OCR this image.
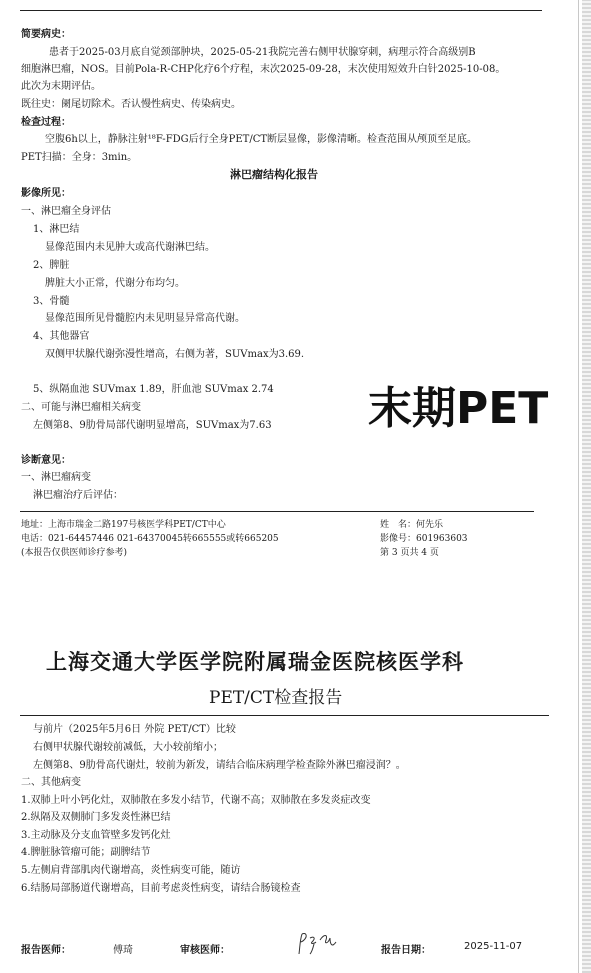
简要病史：
患者于2025-03月底自觉颈部肿块，2025-05-21我院完善右侧甲状腺穿刺，病理示符合高级别B
细胞淋巴瘤，NOS。目前Pola-R-CHP化疗6个疗程，末次2025-09-28，末次使用短效升白针2025-10-08。
此次为末期评估。
既往史：阑尾切除术。否认慢性病史、传染病史。
检查过程：
空腹6h以上，静脉注射¹⁸F-FDG后行全身PET/CT断层显像，影像清晰。检查范围从颅顶至足底。
PET扫描：全身：3min。
淋巴瘤结构化报告
影像所见：
一、淋巴瘤全身评估
1、淋巴结
显像范围内未见肿大或高代谢淋巴结。
2、脾脏
脾脏大小正常，代谢分布均匀。
3、骨髓
显像范围所见骨髓腔内未见明显异常高代谢。
4、其他器官
双侧甲状腺代谢弥漫性增高，右侧为著，SUVmax为3.69.
5、纵隔血池 SUVmax 1.89，肝血池 SUVmax 2.74
二、可能与淋巴瘤相关病变
左侧第8、9肋骨局部代谢明显增高，SUVmax为7.63 末期PET
诊断意见：
一、淋巴瘤病变
淋巴瘤治疗后评估：
地址：上海市瑞金二路197号核医学科PET/CT中心
电话：021-64457446 021-64370045转665555或转665205
(本报告仅供医师诊疗参考)
姓　名：何先乐
影像号：601963603
第 3 页共 4 页
上海交通大学医学院附属瑞金医院核医学科
PET/CT检查报告
与前片（2025年5月6日 外院 PET/CT）比较
右侧甲状腺代谢较前减低，大小较前缩小；
左侧第8、9肋骨高代谢灶，较前为新发，请结合临床病理学检查除外淋巴瘤浸润？。
二、其他病变
1.双肺上叶小钙化灶，双肺散在多发小结节，代谢不高；双肺散在多发炎症改变
2.纵隔及双侧肺门多发炎性淋巴结
3.主动脉及分支血管壁多发钙化灶
4.脾脏脉管瘤可能；副脾结节
5.左侧肩背部肌肉代谢增高，炎性病变可能，随访
6.结肠局部肠道代谢增高，目前考虑炎性病变，请结合肠镜检查
报告医师：	傅琦	审核医师：	报告日期：	2025-11-07
